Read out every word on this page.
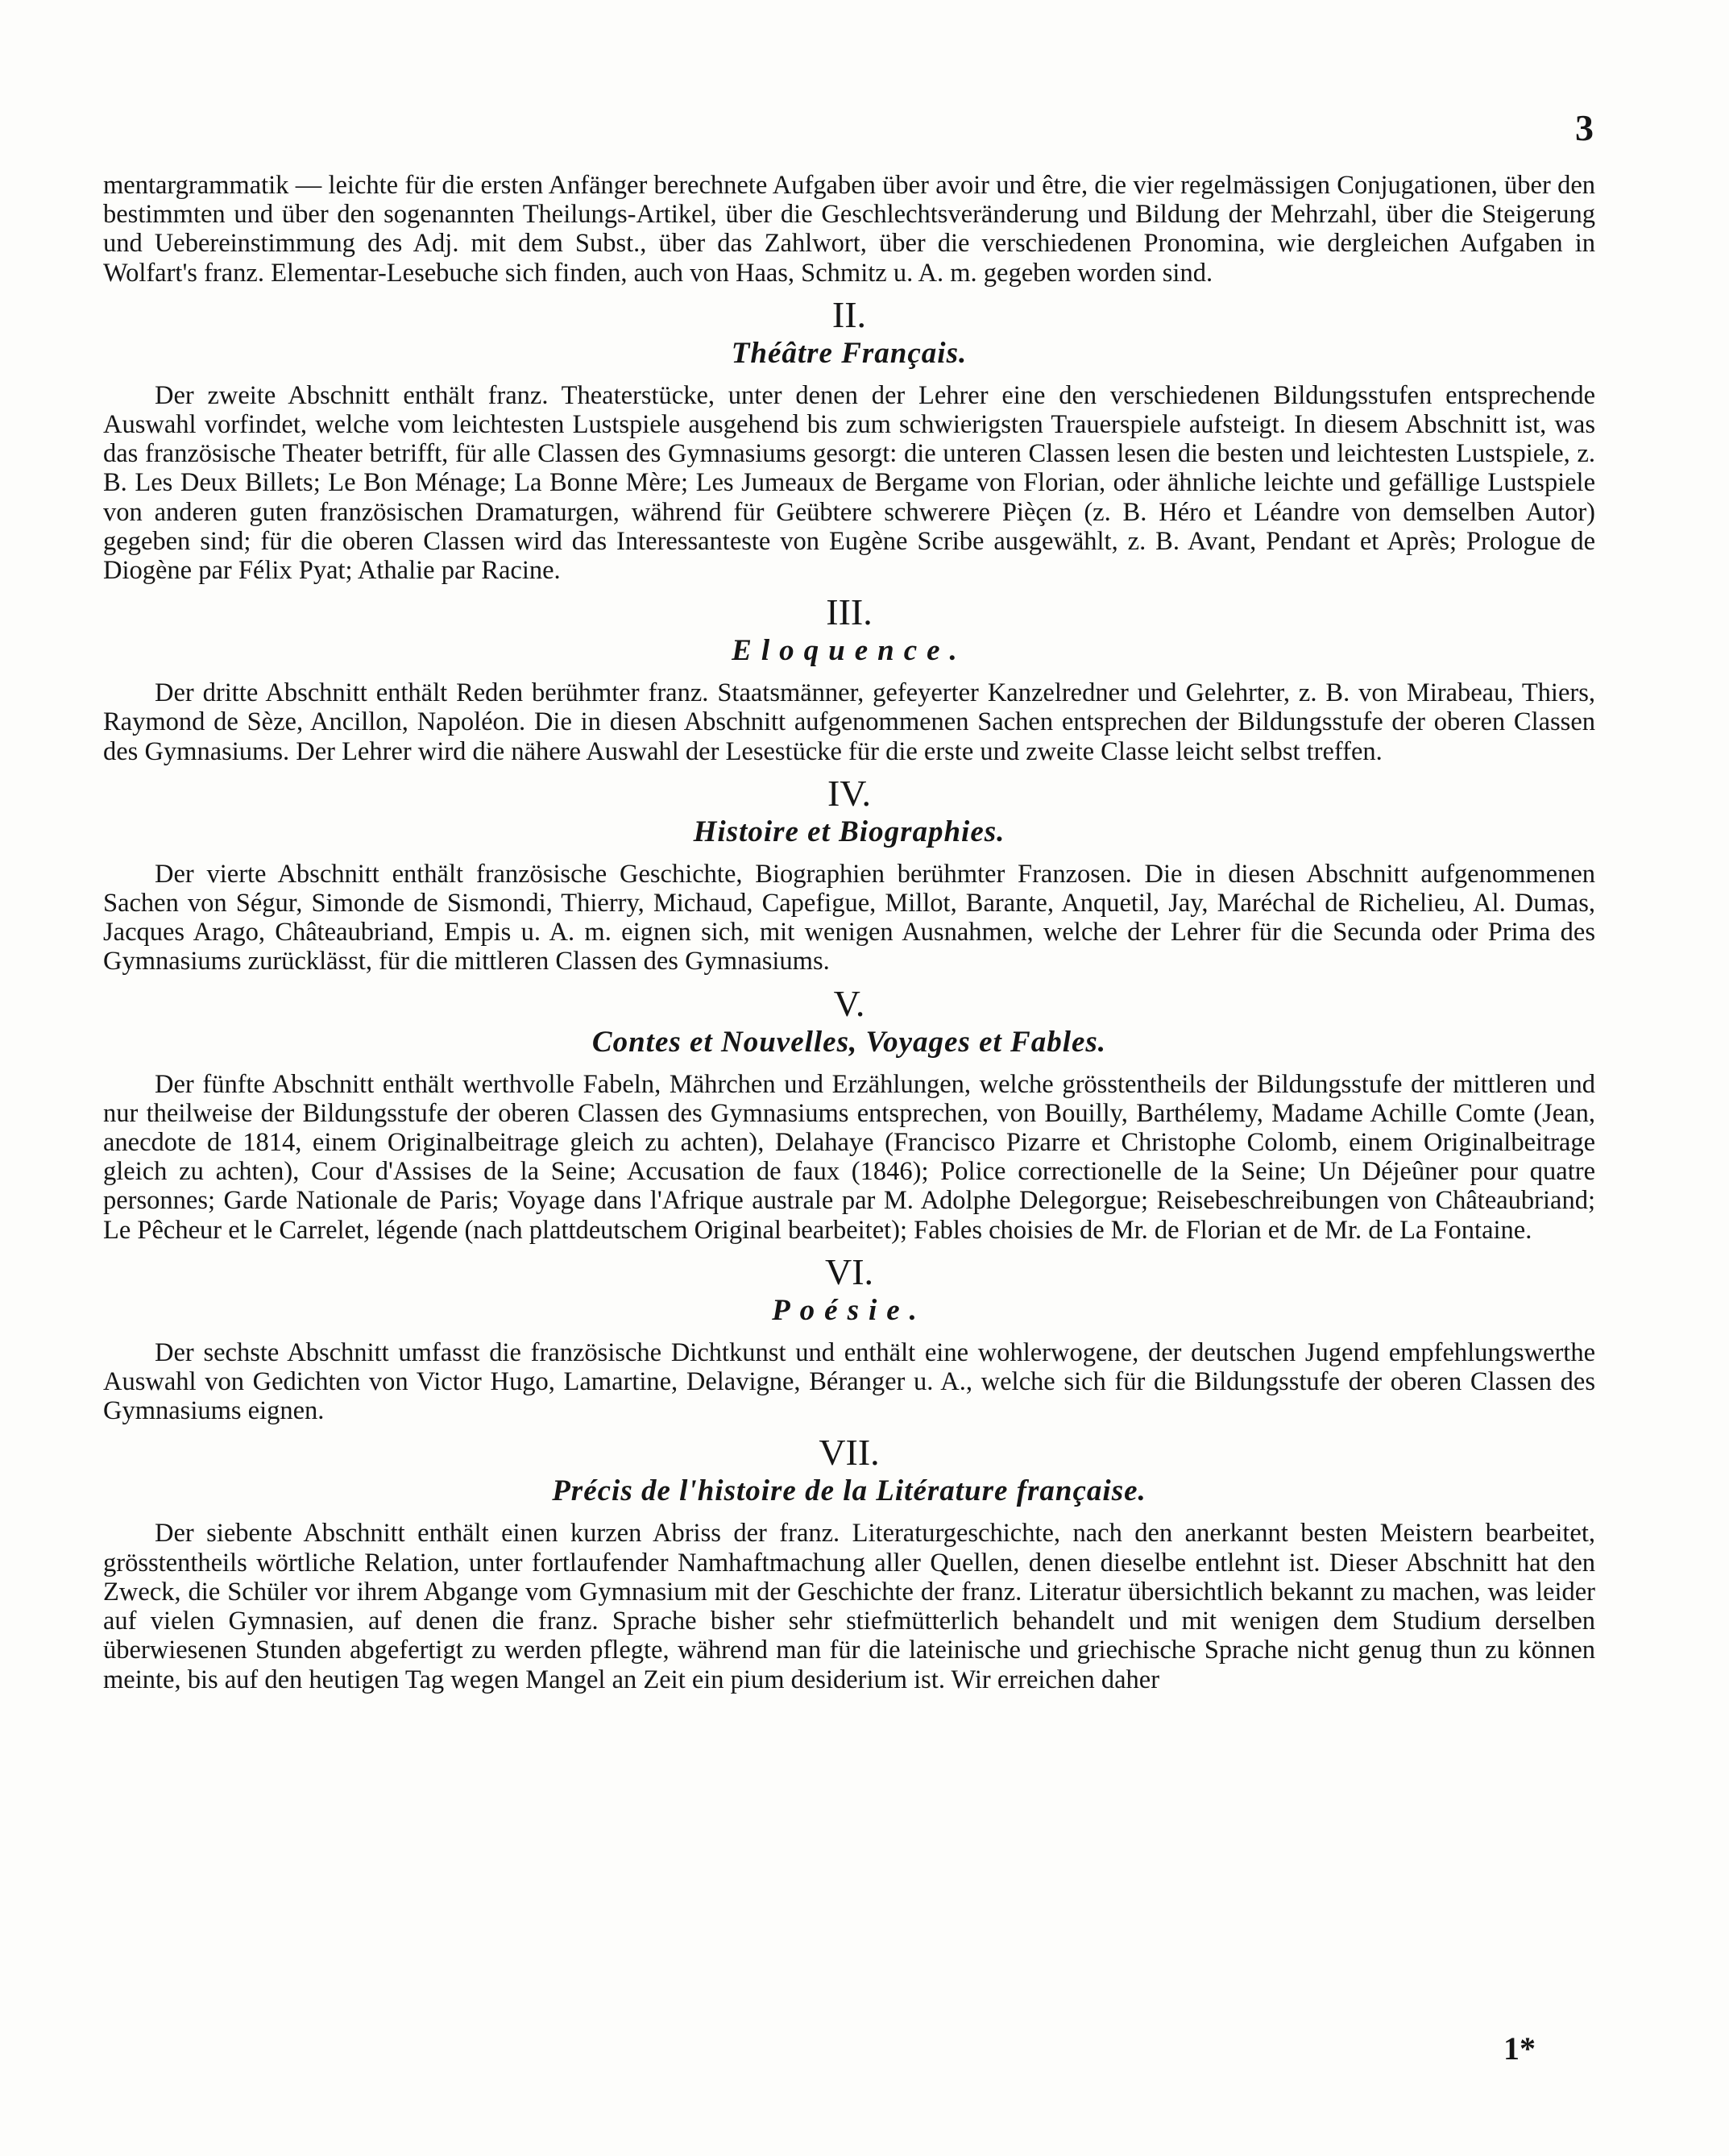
3

mentargrammatik — leichte für die ersten Anfänger berechnete Aufgaben über avoir und être, die vier regelmässigen Conjugationen, über den bestimmten und über den sogenannten Theilungs-Artikel, über die Geschlechtsveränderung und Bildung der Mehrzahl, über die Steigerung und Uebereinstimmung des Adj. mit dem Subst., über das Zahlwort, über die verschiedenen Pronomina, wie dergleichen Aufgaben in Wolfart's franz. Elementar-Lesebuche sich finden, auch von Haas, Schmitz u. A. m. gegeben worden sind.

II.
Théâtre Français.

Der zweite Abschnitt enthält franz. Theaterstücke, unter denen der Lehrer eine den verschiedenen Bildungsstufen entsprechende Auswahl vorfindet, welche vom leichtesten Lustspiele ausgehend bis zum schwierigsten Trauerspiele aufsteigt. In diesem Abschnitt ist, was das französische Theater betrifft, für alle Classen des Gymnasiums gesorgt: die unteren Classen lesen die besten und leichtesten Lustspiele, z. B. Les Deux Billets; Le Bon Ménage; La Bonne Mère; Les Jumeaux de Bergame von Florian, oder ähnliche leichte und gefällige Lustspiele von anderen guten französischen Dramaturgen, während für Geübtere schwerere Pièçen (z. B. Héro et Léandre von demselben Autor) gegeben sind; für die oberen Classen wird das Interessanteste von Eugène Scribe ausgewählt, z. B. Avant, Pendant et Après; Prologue de Diogène par Félix Pyat; Athalie par Racine.

III.
Eloquence.

Der dritte Abschnitt enthält Reden berühmter franz. Staatsmänner, gefeyerter Kanzelredner und Gelehrter, z. B. von Mirabeau, Thiers, Raymond de Sèze, Ancillon, Napoléon. Die in diesen Abschnitt aufgenommenen Sachen entsprechen der Bildungsstufe der oberen Classen des Gymnasiums. Der Lehrer wird die nähere Auswahl der Lesestücke für die erste und zweite Classe leicht selbst treffen.

IV.
Histoire et Biographies.

Der vierte Abschnitt enthält französische Geschichte, Biographien berühmter Franzosen. Die in diesen Abschnitt aufgenommenen Sachen von Ségur, Simonde de Sismondi, Thierry, Michaud, Capefigue, Millot, Barante, Anquetil, Jay, Maréchal de Richelieu, Al. Dumas, Jacques Arago, Châteaubriand, Empis u. A. m. eignen sich, mit wenigen Ausnahmen, welche der Lehrer für die Secunda oder Prima des Gymnasiums zurücklässt, für die mittleren Classen des Gymnasiums.

V.
Contes et Nouvelles, Voyages et Fables.

Der fünfte Abschnitt enthält werthvolle Fabeln, Mährchen und Erzählungen, welche grösstentheils der Bildungsstufe der mittleren und nur theilweise der Bildungsstufe der oberen Classen des Gymnasiums entsprechen, von Bouilly, Barthélemy, Madame Achille Comte (Jean, anecdote de 1814, einem Originalbeitrage gleich zu achten), Delahaye (Francisco Pizarre et Christophe Colomb, einem Originalbeitrage gleich zu achten), Cour d'Assises de la Seine; Accusation de faux (1846); Police correctionelle de la Seine; Un Déjeûner pour quatre personnes; Garde Nationale de Paris; Voyage dans l'Afrique australe par M. Adolphe Delegorgue; Reisebeschreibungen von Châteaubriand; Le Pêcheur et le Carrelet, légende (nach plattdeutschem Original bearbeitet); Fables choisies de Mr. de Florian et de Mr. de La Fontaine.

VI.
Poésie.

Der sechste Abschnitt umfasst die französische Dichtkunst und enthält eine wohlerwogene, der deutschen Jugend empfehlungswerthe Auswahl von Gedichten von Victor Hugo, Lamartine, Delavigne, Béranger u. A., welche sich für die Bildungsstufe der oberen Classen des Gymnasiums eignen.

VII.
Précis de l'histoire de la Litérature française.

Der siebente Abschnitt enthält einen kurzen Abriss der franz. Literaturgeschichte, nach den anerkannt besten Meistern bearbeitet, grösstentheils wörtliche Relation, unter fortlaufender Namhaftmachung aller Quellen, denen dieselbe entlehnt ist. Dieser Abschnitt hat den Zweck, die Schüler vor ihrem Abgange vom Gymnasium mit der Geschichte der franz. Literatur übersichtlich bekannt zu machen, was leider auf vielen Gymnasien, auf denen die franz. Sprache bisher sehr stiefmütterlich behandelt und mit wenigen dem Studium derselben überwiesenen Stunden abgefertigt zu werden pflegte, während man für die lateinische und griechische Sprache nicht genug thun zu können meinte, bis auf den heutigen Tag wegen Mangel an Zeit ein pium desiderium ist. Wir erreichen daher

1*
